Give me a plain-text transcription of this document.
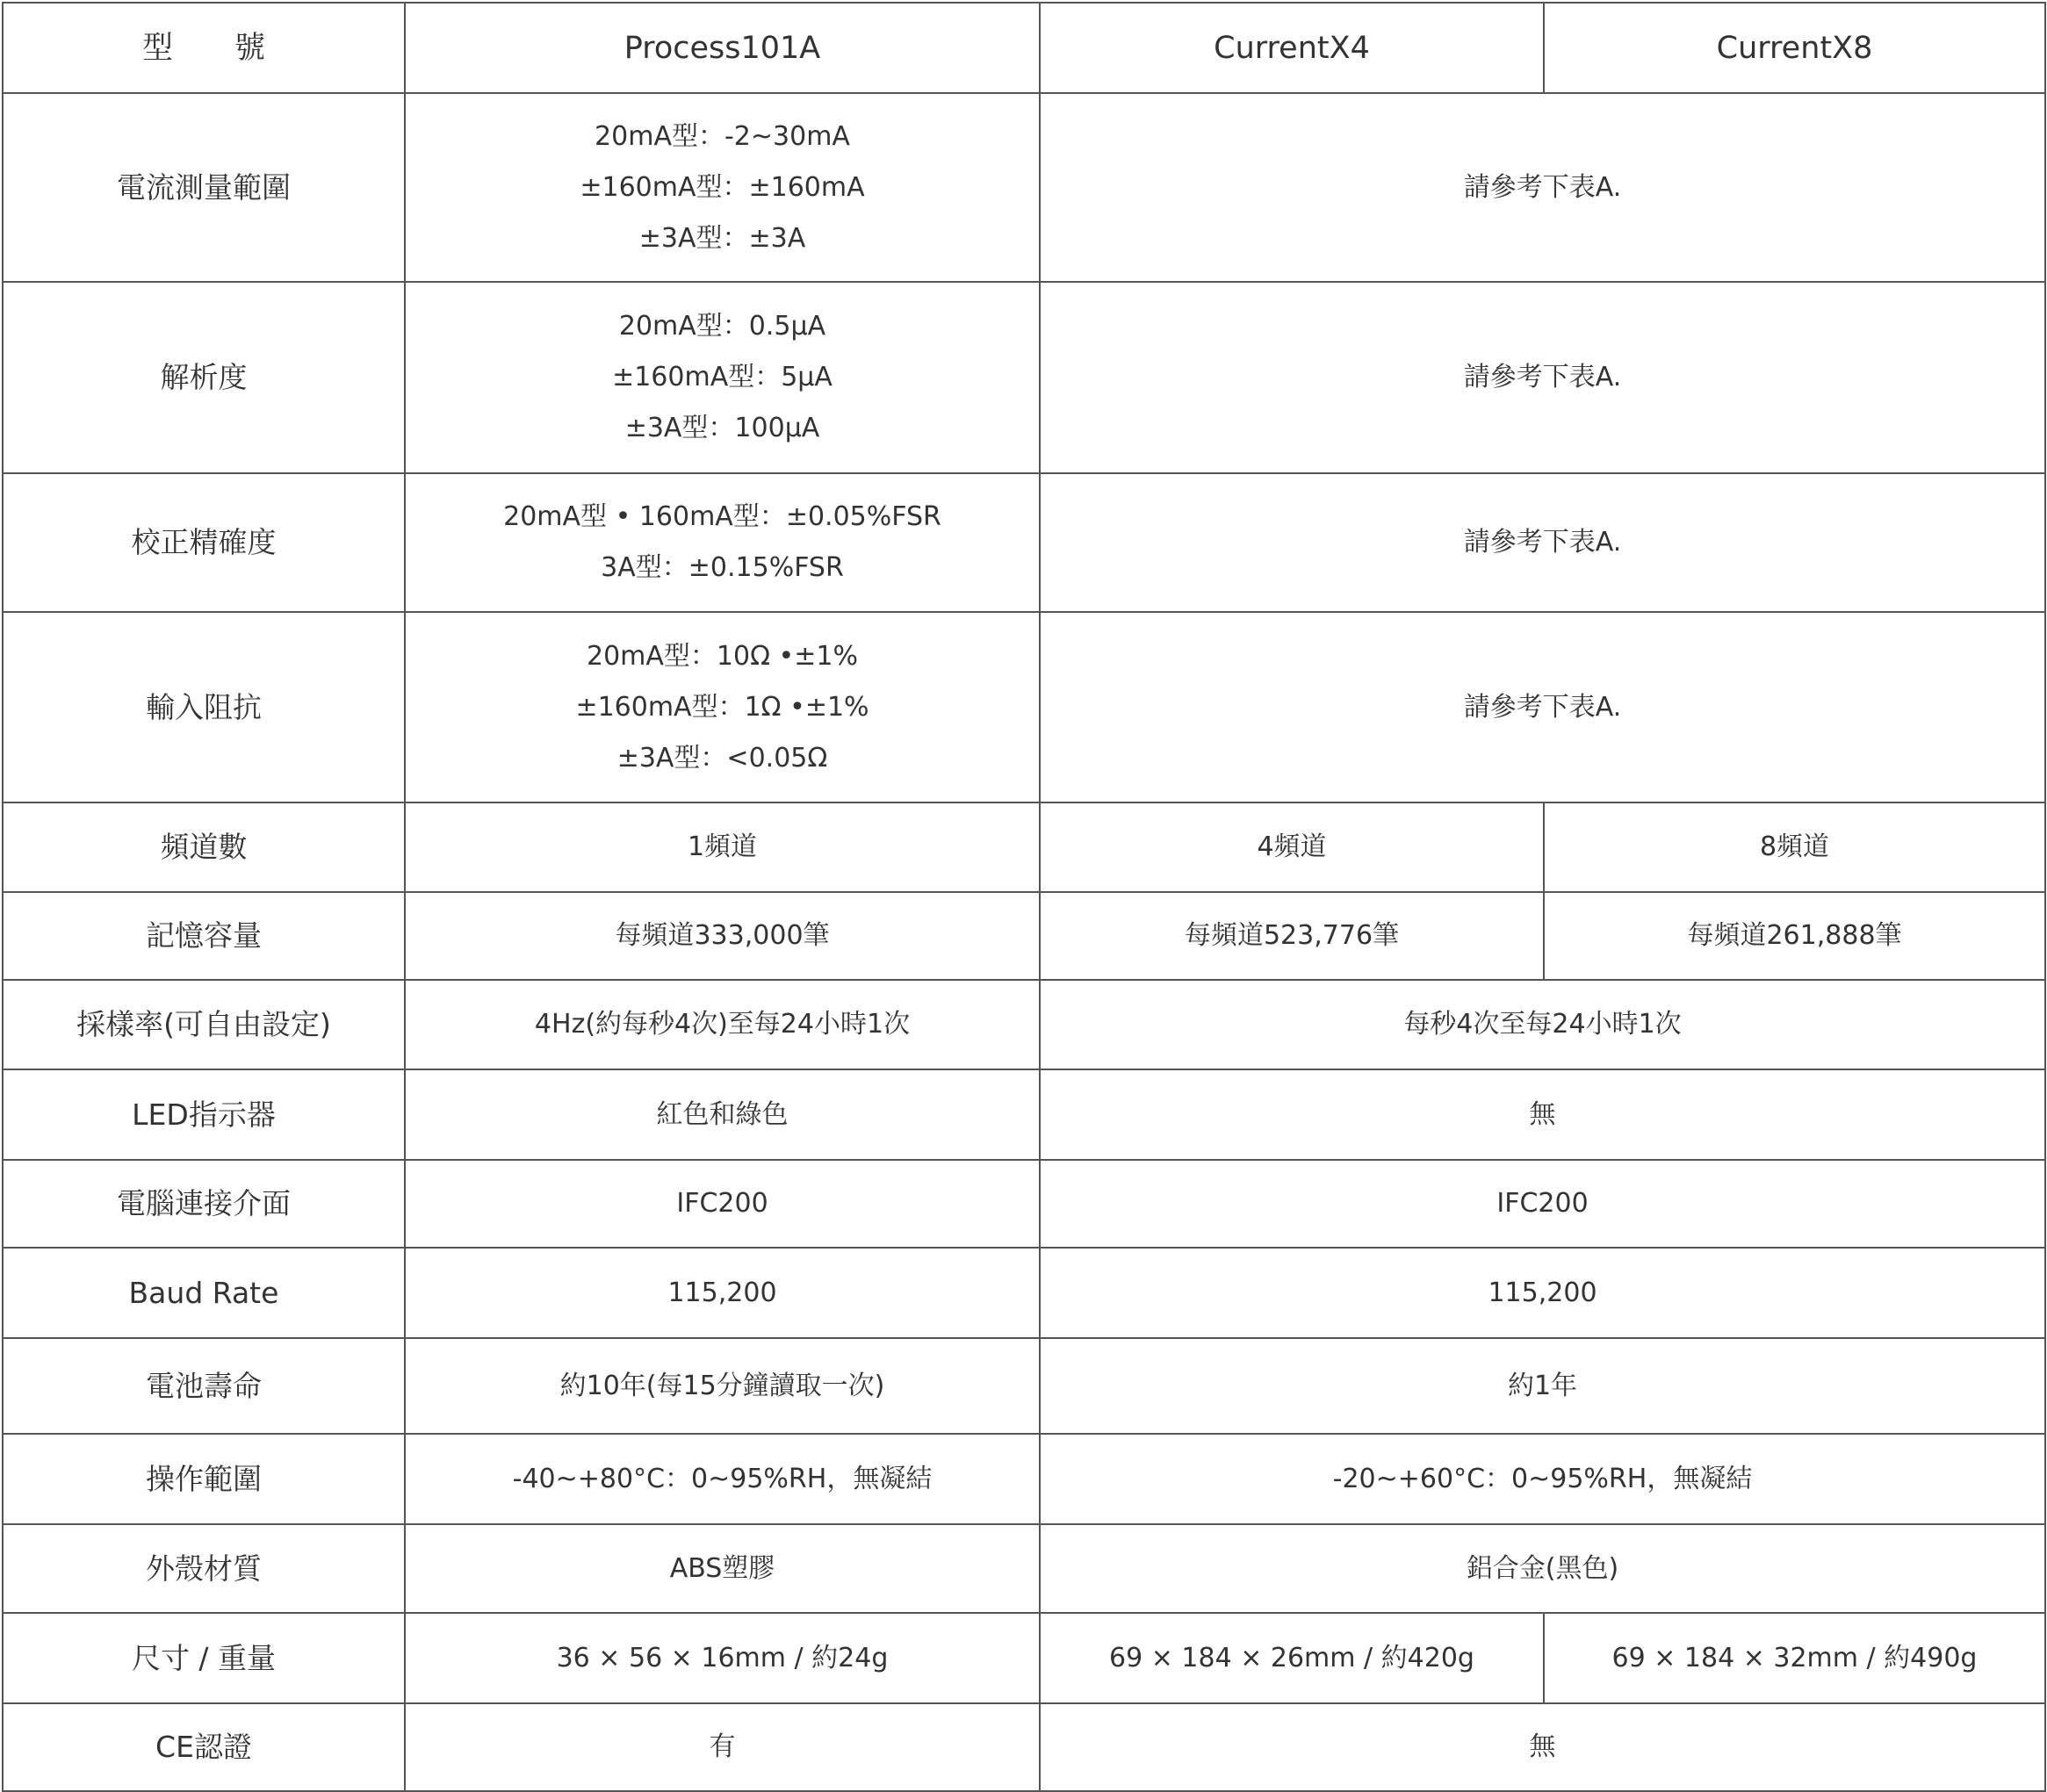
型　　號	Process101A	CurrentX4	CurrentX8
電流測量範圍	20mA型：-2~30mA
±160mA型：±160mA
±3A型：±3A	請參考下表A.	
解析度	20mA型：0.5μA
±160mA型：5μA
±3A型：100μA	請參考下表A.	
校正精確度	20mA型 • 160mA型：±0.05%FSR
3A型：±0.15%FSR	請參考下表A.	
輸入阻抗	20mA型：10Ω •±1%
±160mA型：1Ω •±1%
±3A型：<0.05Ω	請參考下表A.	
頻道數	1頻道	4頻道	8頻道
記憶容量	每頻道333,000筆	每頻道523,776筆	每頻道261,888筆
採樣率(可自由設定)	4Hz(約每秒4次)至每24小時1次	每秒4次至每24小時1次	
LED指示器	紅色和綠色	無	
電腦連接介面	IFC200	IFC200	
Baud Rate	115,200	115,200	
電池壽命	約10年(每15分鐘讀取一次)	約1年	
操作範圍	-40~+80°C：0~95%RH，無凝結	-20~+60°C：0~95%RH，無凝結	
外殼材質	ABS塑膠	鋁合金(黑色)	
尺寸 / 重量	36 × 56 × 16mm / 約24g	69 × 184 × 26mm / 約420g	69 × 184 × 32mm / 約490g
CE認證	有	無	
